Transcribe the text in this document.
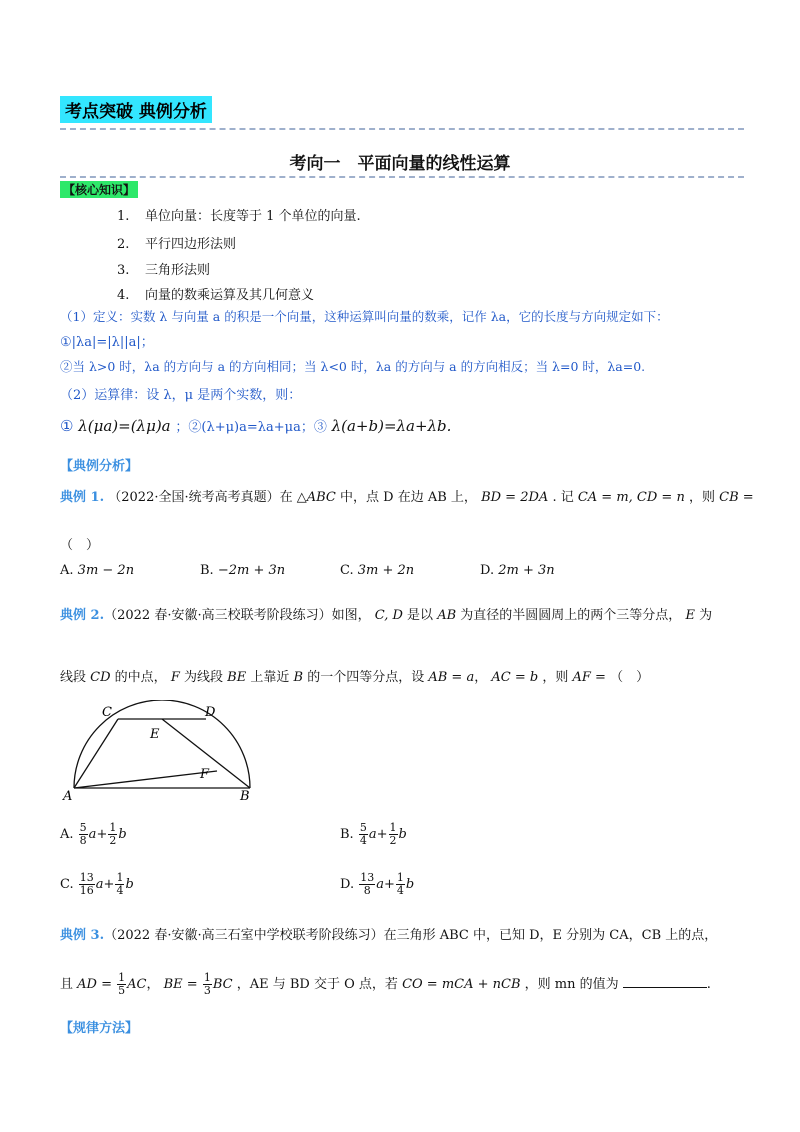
考点突破 典例分析
考向一　平面向量的线性运算
【核心知识】
1. 单位向量：长度等于 1 个单位的向量.
2. 平行四边形法则
3. 三角形法则
4. 向量的数乘运算及其几何意义
（1）定义：实数 λ 与向量 a 的积是一个向量，这种运算叫向量的数乘，记作 λa，它的长度与方向规定如下：
①|λa|=|λ||a|；
②当 λ>0 时，λa 的方向与 a 的方向相同；当 λ<0 时，λa 的方向与 a 的方向相反；当 λ=0 时，λa=0.
（2）运算律：设 λ，μ 是两个实数，则：
① λ(μa)=(λμ)a ；②(λ+μ)a=λa+μa；③ λ(a+b)=λa+λb.
【典例分析】
典例 1. （2022·全国·统考高考真题）在 △ABC 中，点 D 在边 AB 上， BD = 2DA . 记 CA = m, CD = n ，则 CB =
（　）
A. 3m − 2n	B. −2m + 3n	C. 3m + 2n	D. 2m + 3n
典例 2.（2022 春·安徽·高三校联考阶段练习）如图， C, D 是以 AB 为直径的半圆圆周上的两个三等分点， E 为
线段 CD 的中点， F 为线段 BE 上靠近 B 的一个四等分点，设 AB = a， AC = b ，则 AF = （　）
A	B
C	D
E
F
A. $\frac{5}{8} a+ \frac{1}{2}$ b	B. $\frac{5}{4} a+ \frac{1}{2}$ b
C. $\frac{13}{16} a+ \frac{1}{4}$ b	D. $\frac{13}{8} a+ \frac{1}{4}$ b
典例 3.（2022 春·安徽·高三石室中学校联考阶段练习）在三角形 ABC 中，已知 D，E 分别为 CA，CB 上的点，
且 AD = $\frac{1}{5}$ AC， BE = $\frac{1}{3}$ BC ，AE 与 BD 交于 O 点，若 CO = mCA + nCB ，则 mn 的值为	.
【规律方法】
